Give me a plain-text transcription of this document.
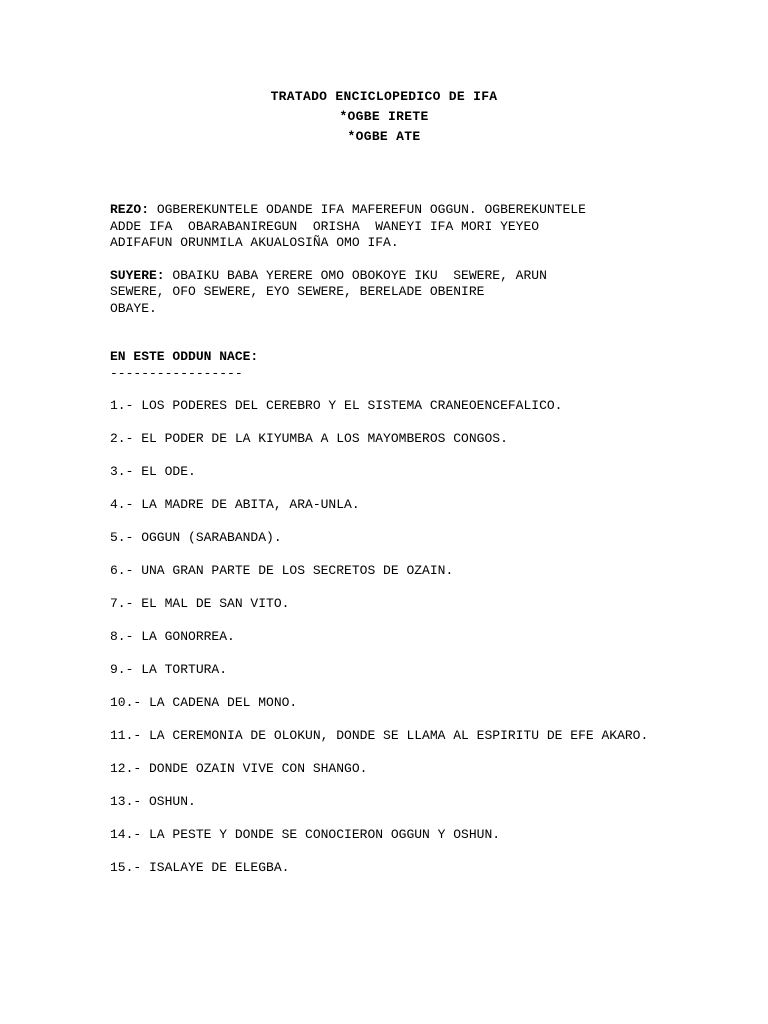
TRATADO ENCICLOPEDICO DE IFA
*OGBE IRETE
*OGBE ATE

REZO: OGBEREKUNTELE ODANDE IFA MAFEREFUN OGGUN. OGBEREKUNTELE
ADDE IFA  OBARABANIREGUN  ORISHA  WANEYI IFA MORI YEYEO
ADIFAFUN ORUNMILA AKUALOSIÑA OMO IFA.

SUYERE: OBAIKU BABA YERERE OMO OBOKOYE IKU  SEWERE, ARUN
SEWERE, OFO SEWERE, EYO SEWERE, BERELADE OBENIRE
OBAYE.

EN ESTE ODDUN NACE:
-----------------
1.- LOS PODERES DEL CEREBRO Y EL SISTEMA CRANEOENCEFALICO.
2.- EL PODER DE LA KIYUMBA A LOS MAYOMBEROS CONGOS.
3.- EL ODE.
4.- LA MADRE DE ABITA, ARA-UNLA.
5.- OGGUN (SARABANDA).
6.- UNA GRAN PARTE DE LOS SECRETOS DE OZAIN.
7.- EL MAL DE SAN VITO.
8.- LA GONORREA.
9.- LA TORTURA.
10.- LA CADENA DEL MONO.
11.- LA CEREMONIA DE OLOKUN, DONDE SE LLAMA AL ESPIRITU DE EFE AKARO.
12.- DONDE OZAIN VIVE CON SHANGO.
13.- OSHUN.
14.- LA PESTE Y DONDE SE CONOCIERON OGGUN Y OSHUN.
15.- ISALAYE DE ELEGBA.
